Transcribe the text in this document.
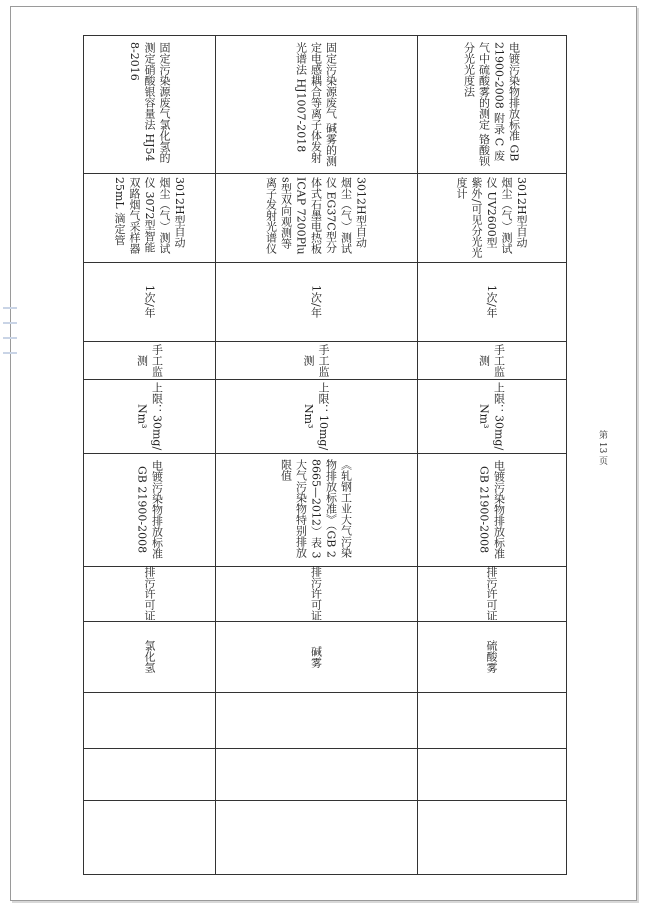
固定污染源废气氯化氢的测定硝酸银容量法 HJ548-2016
3012H型自动烟尘（气）测试仪 3072型智能双路烟气采样器 25mL 滴定管
1次/年
手工监测
上限：30mg/Nm³
电镀污染物排放标准 GB 21900-2008
排污许可证
氯化氢
固定污染源废气 碱雾的测定电感耦合等离子体发射光谱法 HJ1007-2018
3012H型自动烟尘（气）测试仪 EG37C型分体式石墨电热板 ICAP 7200Plus型双向观测等离子发射光谱仪
1次/年
手工监测
上限：10mg/Nm³
《轧钢工业大气污染物排放标准》（GB 28665—2012）表 3 大气污染物特别排放限值
排污许可证
碱雾
电镀污染物排放标准 GB 21900-2008 附录 C 废气中硫酸雾的测定 铬酸钡分光光度法
3012H型自动烟尘（气）测试仪 UV2600型紫外/可见分光光度计
1次/年
手工监测
上限：30mg/Nm³
电镀污染物排放标准 GB 21900-2008
排污许可证
硫酸雾
第 13 页
